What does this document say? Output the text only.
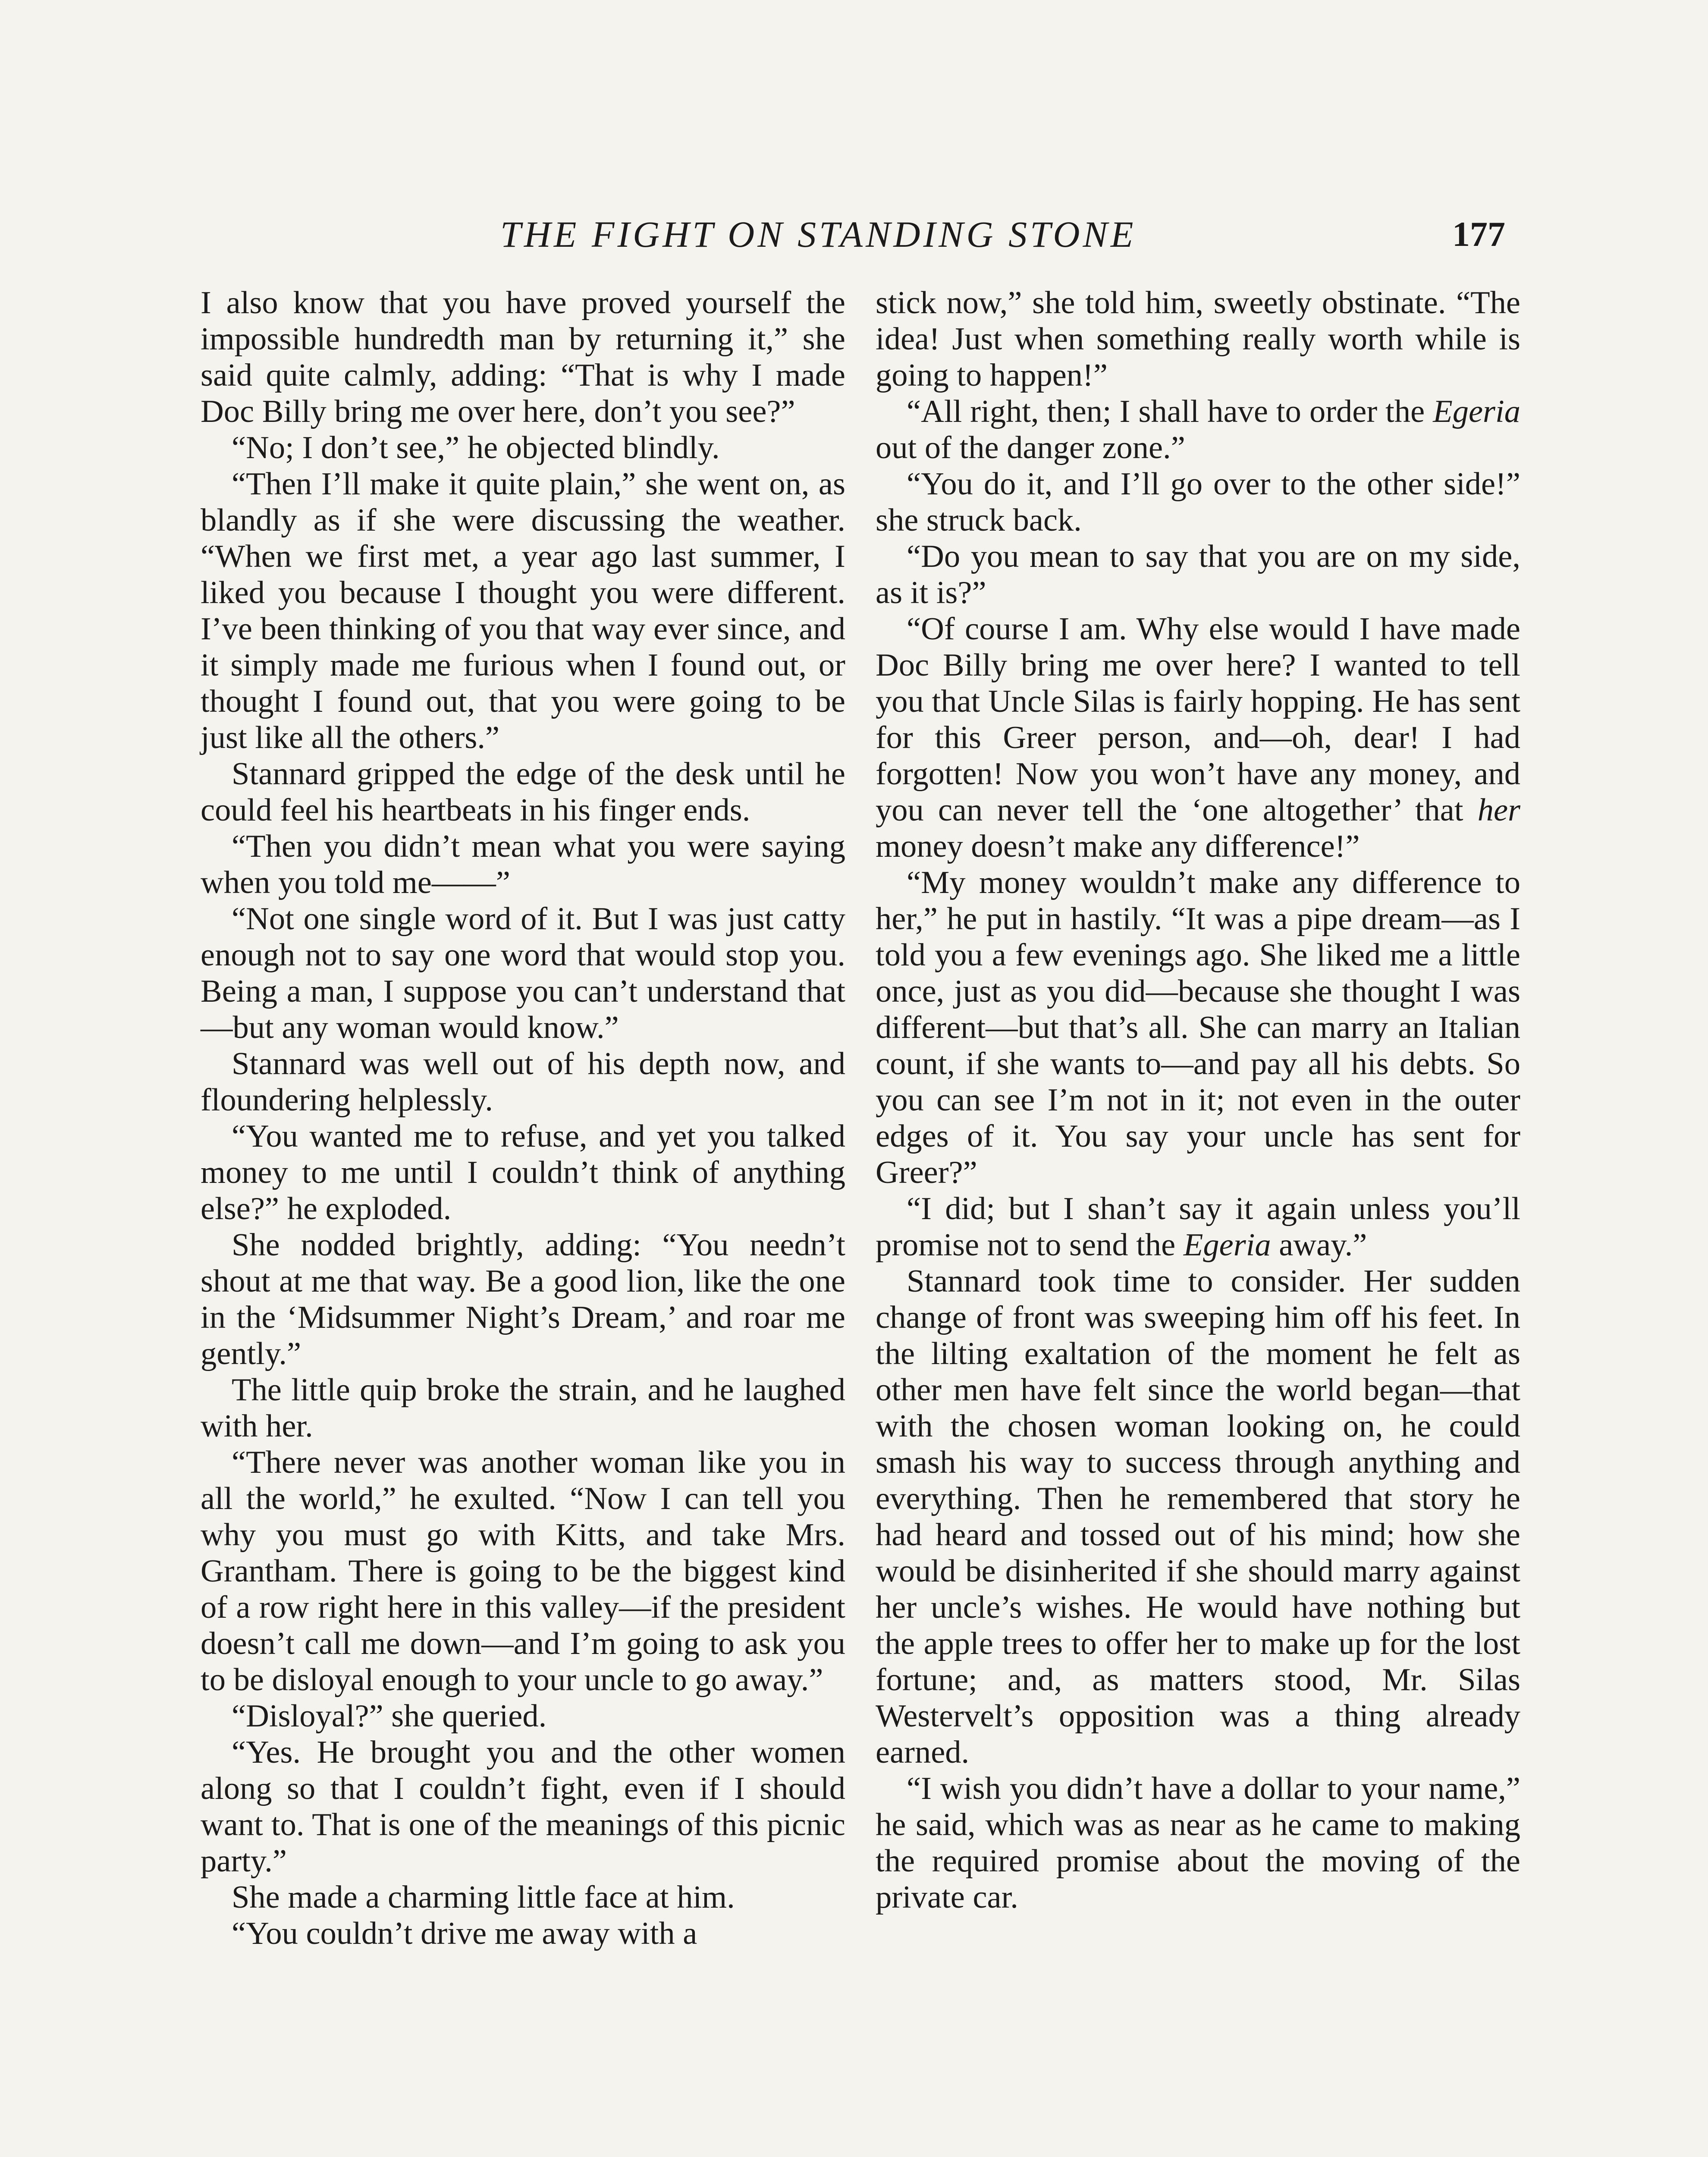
THE FIGHT ON STANDING STONE	177

I also know that you have proved yourself the impossible hundredth man by returning it,” she said quite calmly, adding: “That is why I made Doc Billy bring me over here, don’t you see?”

“No; I don’t see,” he objected blindly.

“Then I’ll make it quite plain,” she went on, as blandly as if she were discussing the weather. “When we first met, a year ago last summer, I liked you because I thought you were different. I’ve been thinking of you that way ever since, and it simply made me furious when I found out, or thought I found out, that you were going to be just like all the others.”

Stannard gripped the edge of the desk until he could feel his heartbeats in his finger ends.

“Then you didn’t mean what you were saying when you told me——”

“Not one single word of it. But I was just catty enough not to say one word that would stop you. Being a man, I suppose you can’t understand that—but any woman would know.”

Stannard was well out of his depth now, and floundering helplessly.

“You wanted me to refuse, and yet you talked money to me until I couldn’t think of anything else?” he exploded.

She nodded brightly, adding: “You needn’t shout at me that way. Be a good lion, like the one in the ‘Midsummer Night’s Dream,’ and roar me gently.”

The little quip broke the strain, and he laughed with her.

“There never was another woman like you in all the world,” he exulted. “Now I can tell you why you must go with Kitts, and take Mrs. Grantham. There is going to be the biggest kind of a row right here in this valley—if the president doesn’t call me down—and I’m going to ask you to be disloyal enough to your uncle to go away.”

“Disloyal?” she queried.

“Yes. He brought you and the other women along so that I couldn’t fight, even if I should want to. That is one of the meanings of this picnic party.”

She made a charming little face at him.

“You couldn’t drive me away with a

stick now,” she told him, sweetly obstinate. “The idea! Just when something really worth while is going to happen!”

“All right, then; I shall have to order the Egeria out of the danger zone.”

“You do it, and I’ll go over to the other side!” she struck back.

“Do you mean to say that you are on my side, as it is?”

“Of course I am. Why else would I have made Doc Billy bring me over here? I wanted to tell you that Uncle Silas is fairly hopping. He has sent for this Greer person, and—oh, dear! I had forgotten! Now you won’t have any money, and you can never tell the ‘one altogether’ that her money doesn’t make any difference!”

“My money wouldn’t make any difference to her,” he put in hastily. “It was a pipe dream—as I told you a few evenings ago. She liked me a little once, just as you did—because she thought I was different—but that’s all. She can marry an Italian count, if she wants to—and pay all his debts. So you can see I’m not in it; not even in the outer edges of it. You say your uncle has sent for Greer?”

“I did; but I shan’t say it again unless you’ll promise not to send the Egeria away.”

Stannard took time to consider. Her sudden change of front was sweeping him off his feet. In the lilting exaltation of the moment he felt as other men have felt since the world began—that with the chosen woman looking on, he could smash his way to success through anything and everything. Then he remembered that story he had heard and tossed out of his mind; how she would be disinherited if she should marry against her uncle’s wishes. He would have nothing but the apple trees to offer her to make up for the lost fortune; and, as matters stood, Mr. Silas Westervelt’s opposition was a thing already earned.

“I wish you didn’t have a dollar to your name,” he said, which was as near as he came to making the required promise about the moving of the private car.
